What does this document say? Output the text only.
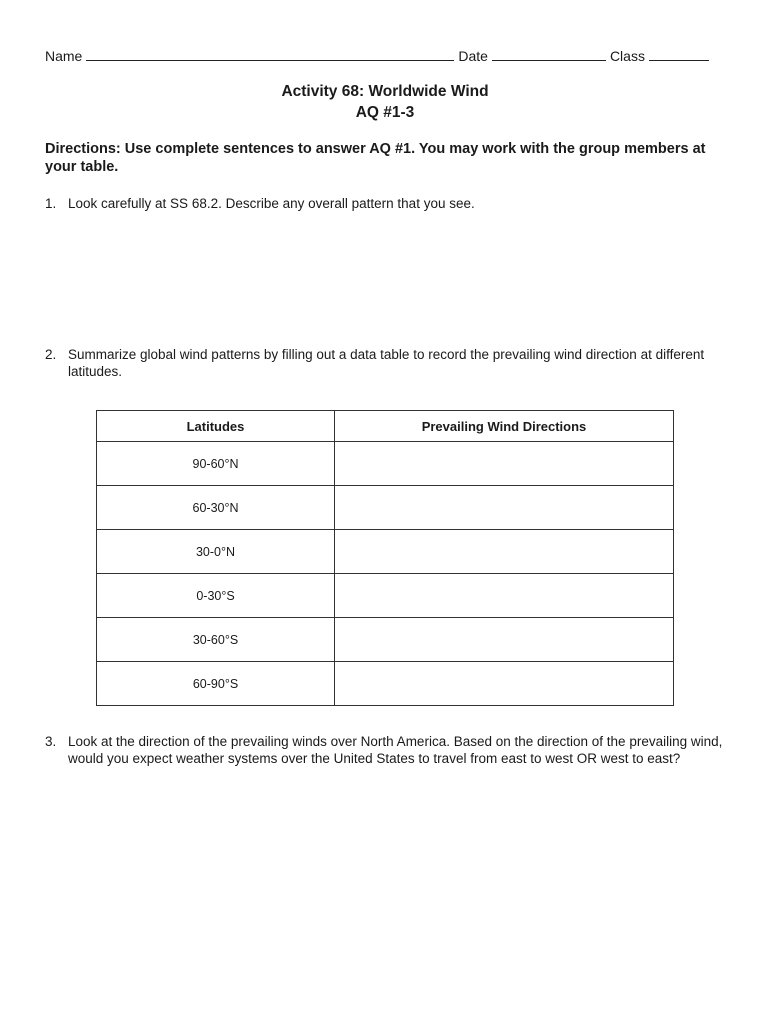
Name	Date	Class
Activity 68: Worldwide Wind
AQ #1-3
Directions: Use complete sentences to answer AQ #1. You may work with the group members at your table.
1. Look carefully at SS 68.2. Describe any overall pattern that you see.
2. Summarize global wind patterns by filling out a data table to record the prevailing wind direction at different latitudes.
Latitudes	Prevailing Wind Directions
90-60°N	
60-30°N	
30-0°N	
0-30°S	
30-60°S	
60-90°S	
3. Look at the direction of the prevailing winds over North America. Based on the direction of the prevailing wind, would you expect weather systems over the United States to travel from east to west OR west to east?
